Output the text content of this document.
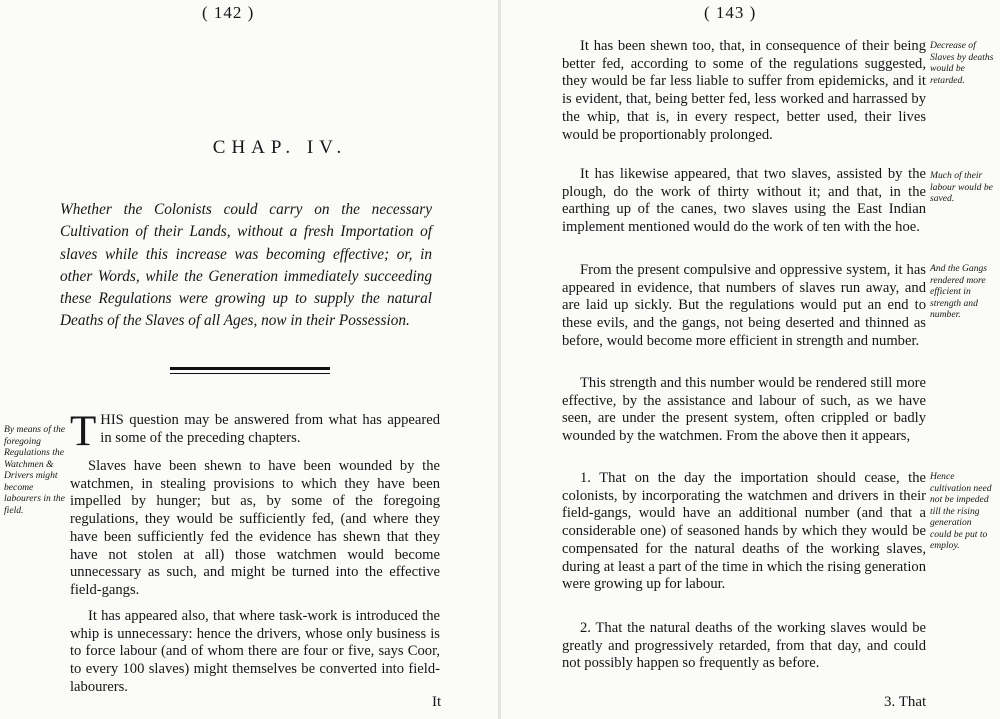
( 142 )
CHAP. IV.
Whether the Colonists could carry on the necessary Cultivation of their Lands, without a fresh Importation of slaves while this increase was becoming effective; or, in other Words, while the Generation immediately succeeding these Regulations were growing up to supply the natural Deaths of the Slaves of all Ages, now in their Possession.
By means of the foregoing Regulations the Watchmen & Drivers might become labourers in the field.
THIS question may be answered from what has appeared in some of the preceding chapters.
Slaves have been shewn to have been wounded by the watchmen, in stealing provisions to which they have been impelled by hunger; but as, by some of the foregoing regulations, they would be sufficiently fed, (and where they have been sufficiently fed the evidence has shewn that they have not stolen at all) those watchmen would become unnecessary as such, and might be turned into the effective field-gangs.
It has appeared also, that where task-work is introduced the whip is unnecessary: hence the drivers, whose only business is to force labour (and of whom there are four or five, says Coor, to every 100 slaves) might themselves be converted into field-labourers.
It
( 143 )
It has been shewn too, that, in consequence of their being better fed, according to some of the regulations suggested, they would be far less liable to suffer from epidemicks, and it is evident, that, being better fed, less worked and harrassed by the whip, that is, in every respect, better used, their lives would be proportionably prolonged.
It has likewise appeared, that two slaves, assisted by the plough, do the work of thirty without it; and that, in the earthing up of the canes, two slaves using the East Indian implement mentioned would do the work of ten with the hoe.
From the present compulsive and oppressive system, it has appeared in evidence, that numbers of slaves run away, and are laid up sickly. But the regulations would put an end to these evils, and the gangs, not being deserted and thinned as before, would become more efficient in strength and number.
This strength and this number would be rendered still more effective, by the assistance and labour of such, as we have seen, are under the present system, often crippled or badly wounded by the watchmen. From the above then it appears,
1. That on the day the importation should cease, the colonists, by incorporating the watchmen and drivers in their field-gangs, would have an additional number (and that a considerable one) of seasoned hands by which they would be compensated for the natural deaths of the working slaves, during at least a part of the time in which the rising generation were growing up for labour.
2. That the natural deaths of the working slaves would be greatly and progressively retarded, from that day, and could not possibly happen so frequently as before.
Decrease of Slaves by deaths would be retarded.
Much of their labour would be saved.
And the Gangs rendered more efficient in strength and number.
Hence cultivation need not be impeded till the rising generation could be put to employ.
3. That
